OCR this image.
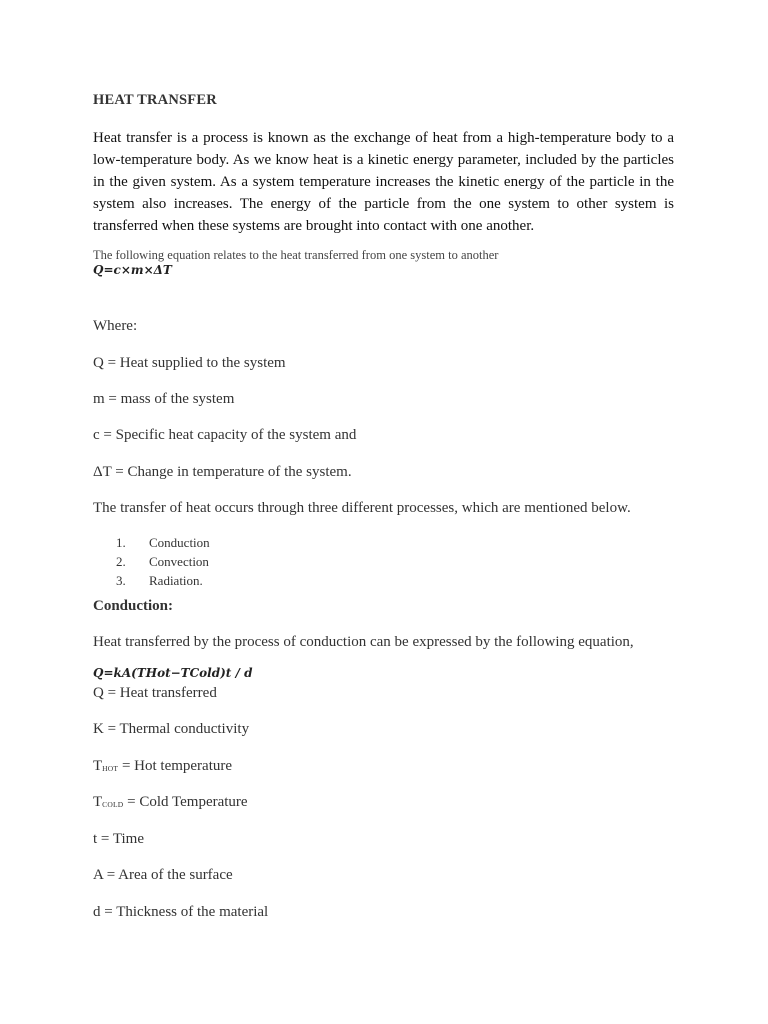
HEAT TRANSFER
Heat transfer is a process is known as the exchange of heat from a high-temperature body to a low-temperature body. As we know heat is a kinetic energy parameter, included by the particles in the given system. As a system temperature increases the kinetic energy of the particle in the system also increases. The energy of the particle from the one system to other system is transferred when these systems are brought into contact with one another.
The following equation relates to the heat transferred from one system to another
Q=c×m×ΔT
Where:
Q = Heat supplied to the system
m = mass of the system
c = Specific heat capacity of the system and
ΔT = Change in temperature of the system.
The transfer of heat occurs through three different processes, which are mentioned below.
1. Conduction
2. Convection
3. Radiation.
Conduction:
Heat transferred by the process of conduction can be expressed by the following equation,
Q=kA(THot−TCold)t / d
Q = Heat transferred
K = Thermal conductivity
THOT = Hot temperature
TCOLD = Cold Temperature
t = Time
A = Area of the surface
d = Thickness of the material
